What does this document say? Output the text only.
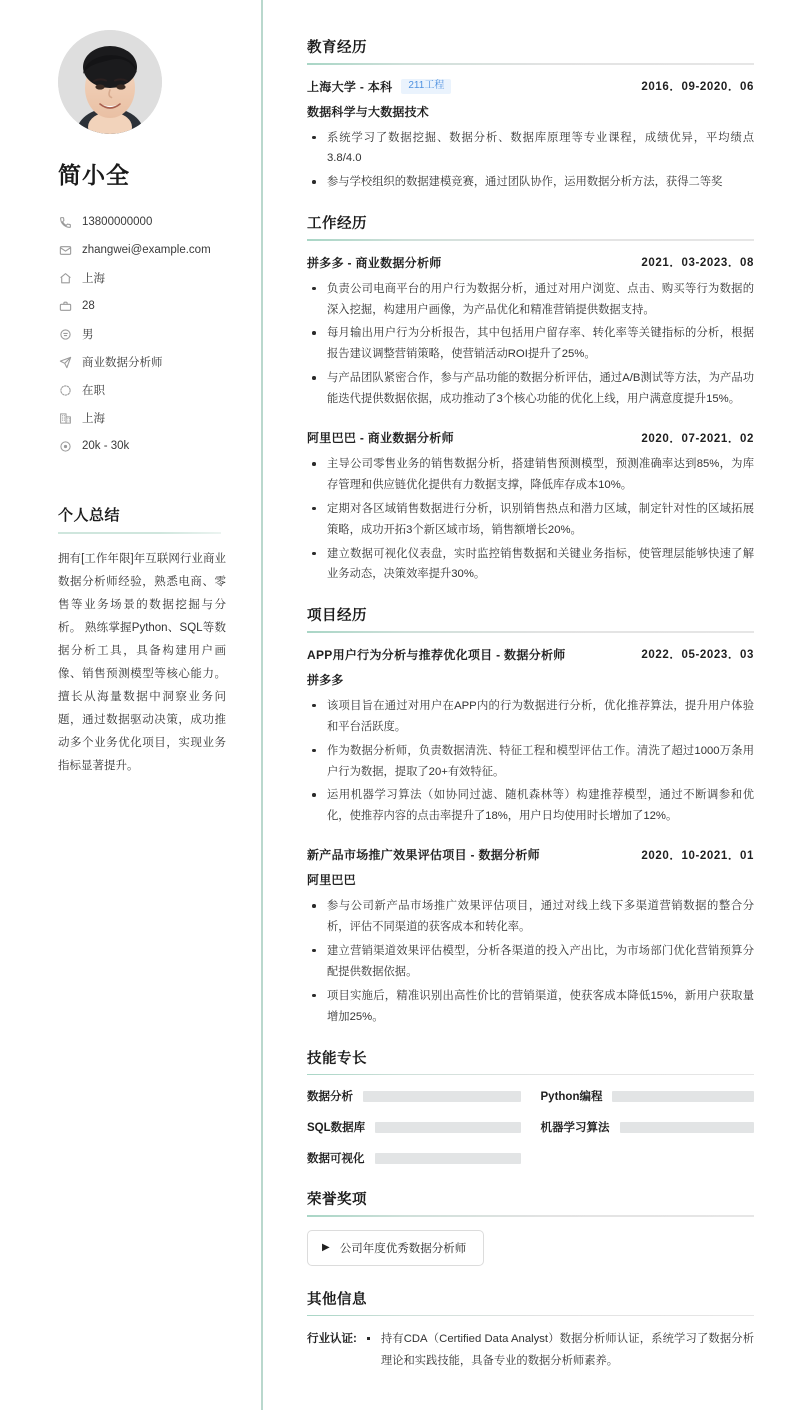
简小全
13800000000
zhangwei@example.com
上海
28
男
商业数据分析师
在职
上海
20k - 30k
个人总结

拥有[工作年限]年互联网行业商业数据分析师经验，熟悉电商、零售等业务场景的数据挖掘与分析。 熟练掌握Python、SQL等数据分析工具，具备构建用户画像、销售预测模型等核心能力。 擅长从海量数据中洞察业务问题，通过数据驱动决策，成功推动多个业务优化项目，实现业务指标显著提升。

教育经历
上海大学 - 本科	211工程	2016．09-2020．06
数据科学与大数据技术
系统学习了数据挖掘、数据分析、数据库原理等专业课程，成绩优异，平均绩点3.8/4.0
参与学校组织的数据建模竞赛，通过团队协作，运用数据分析方法，获得二等奖
工作经历
拼多多 - 商业数据分析师	2021．03-2023．08
负责公司电商平台的用户行为数据分析，通过对用户浏览、点击、购买等行为数据的深入挖掘，构建用户画像，为产品优化和精准营销提供数据支持。
每月输出用户行为分析报告，其中包括用户留存率、转化率等关键指标的分析，根据报告建议调整营销策略，使营销活动ROI提升了25%。
与产品团队紧密合作，参与产品功能的数据分析评估，通过A/B测试等方法，为产品功能迭代提供数据依据，成功推动了3个核心功能的优化上线，用户满意度提升15%。
阿里巴巴 - 商业数据分析师	2020．07-2021．02
主导公司零售业务的销售数据分析，搭建销售预测模型，预测准确率达到85%，为库存管理和供应链优化提供有力数据支撑，降低库存成本10%。
定期对各区域销售数据进行分析，识别销售热点和潜力区域，制定针对性的区域拓展策略，成功开拓3个新区域市场，销售额增长20%。
建立数据可视化仪表盘，实时监控销售数据和关键业务指标，使管理层能够快速了解业务动态，决策效率提升30%。
项目经历
APP用户行为分析与推荐优化项目 - 数据分析师	2022．05-2023．03
拼多多
该项目旨在通过对用户在APP内的行为数据进行分析，优化推荐算法，提升用户体验和平台活跃度。
作为数据分析师，负责数据清洗、特征工程和模型评估工作。清洗了超过1000万条用户行为数据，提取了20+有效特征。
运用机器学习算法（如协同过滤、随机森林等）构建推荐模型，通过不断调参和优化，使推荐内容的点击率提升了18%，用户日均使用时长增加了12%。
新产品市场推广效果评估项目 - 数据分析师	2020．10-2021．01
阿里巴巴
参与公司新产品市场推广效果评估项目，通过对线上线下多渠道营销数据的整合分析，评估不同渠道的获客成本和转化率。
建立营销渠道效果评估模型，分析各渠道的投入产出比，为市场部门优化营销预算分配提供数据依据。
项目实施后，精准识别出高性价比的营销渠道，使获客成本降低15%，新用户获取量增加25%。
技能专长
数据分析	Python编程
SQL数据库	机器学习算法
数据可视化
荣誉奖项
▶ 公司年度优秀数据分析师
其他信息
行业认证:	持有CDA（Certified Data Analyst）数据分析师认证，系统学习了数据分析理论和实践技能，具备专业的数据分析师素养。
